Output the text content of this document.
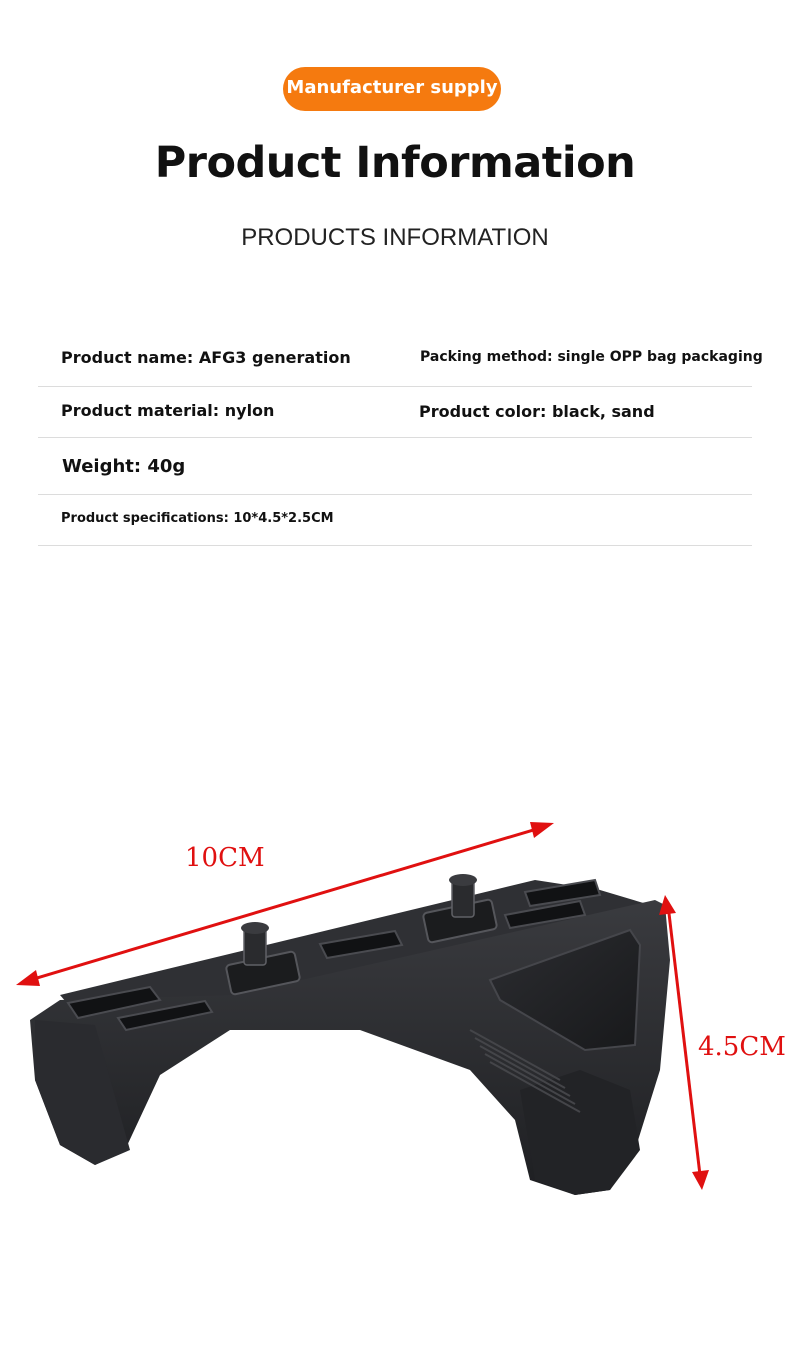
Manufacturer supply
Product Information
PRODUCTS INFORMATION
Product name: AFG3 generation	Packing method: single OPP bag packaging
Product material: nylon	Product color: black, sand
Weight: 40g
Product specifications: 10*4.5*2.5CM
10CM
4.5CM
